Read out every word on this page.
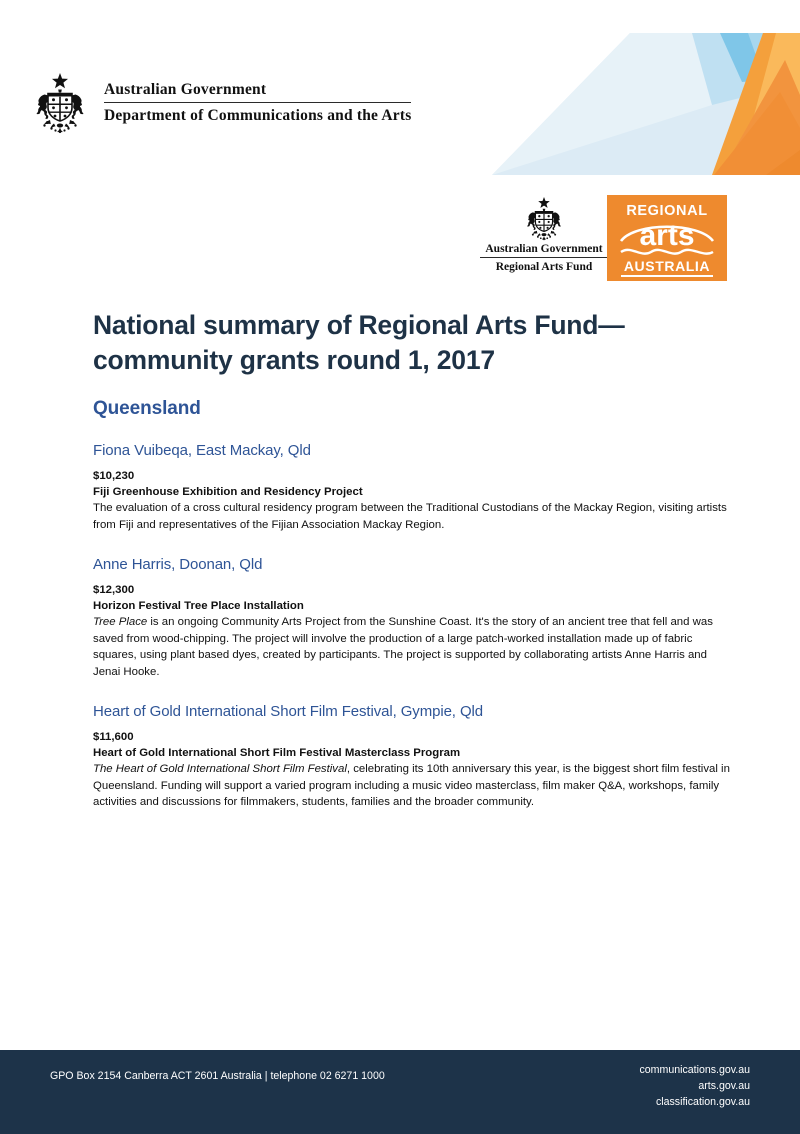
Australian Government
Department of Communications and the Arts
Australian Government
Regional Arts Fund
REGIONAL
arts
AUSTRALIA
National summary of Regional Arts Fund—community grants round 1, 2017
Queensland
Fiona Vuibeqa, East Mackay, Qld
$10,230
Fiji Greenhouse Exhibition and Residency Project

The evaluation of a cross cultural residency program between the Traditional Custodians of the Mackay Region, visiting artists from Fiji and representatives of the Fijian Association Mackay Region.

Anne Harris, Doonan, Qld
$12,300
Horizon Festival Tree Place Installation

Tree Place is an ongoing Community Arts Project from the Sunshine Coast. It's the story of an ancient tree that fell and was saved from wood-chipping. The project will involve the production of a large patch-worked installation made up of fabric squares, using plant based dyes, created by participants. The project is supported by collaborating artists Anne Harris and Jenai Hooke.

Heart of Gold International Short Film Festival, Gympie, Qld
$11,600
Heart of Gold International Short Film Festival Masterclass Program

The Heart of Gold International Short Film Festival, celebrating its 10th anniversary this year, is the biggest short film festival in Queensland. Funding will support a varied program including a music video masterclass, film maker Q&A, workshops, family activities and discussions for filmmakers, students, families and the broader community.

GPO Box 2154 Canberra ACT 2601 Australia | telephone 02 6271 1000	communications.gov.au
arts.gov.au
classification.gov.au
